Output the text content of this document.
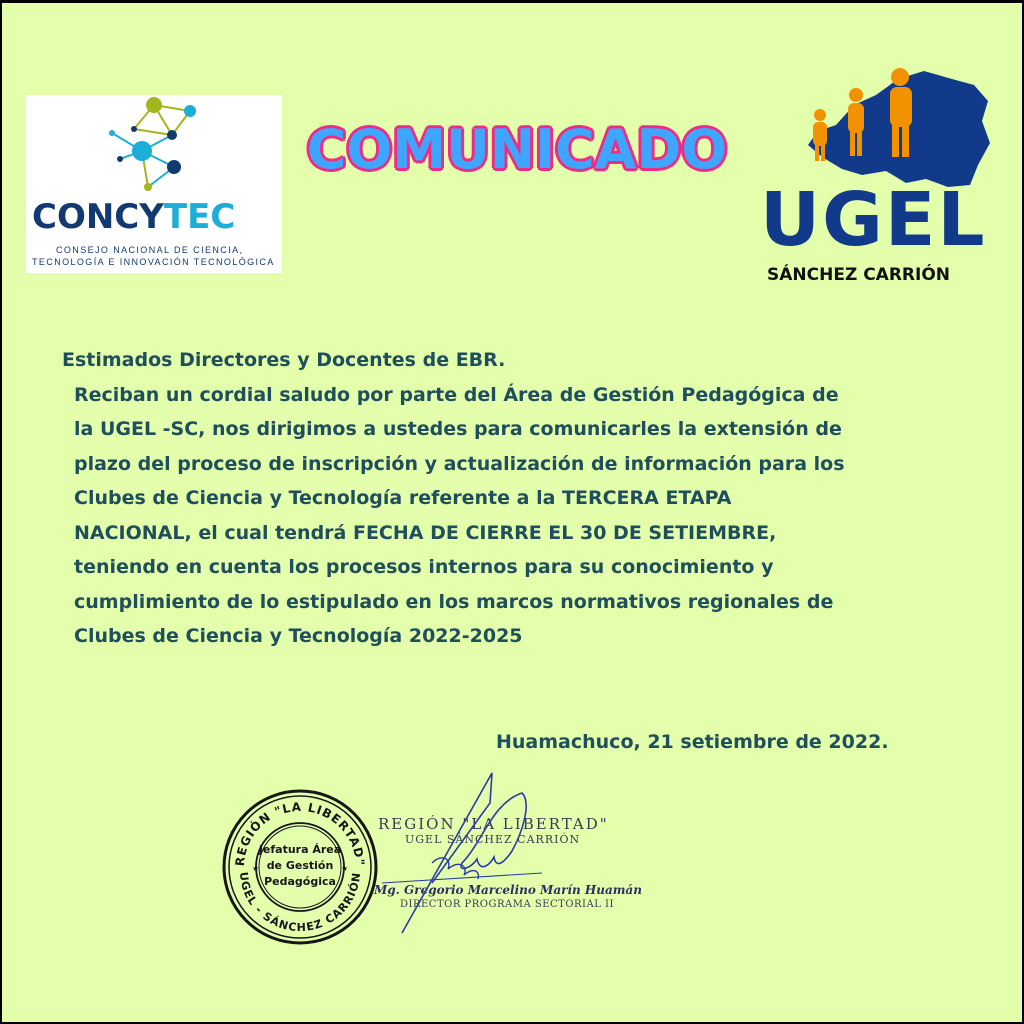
CONCYTEC
CONSEJO NACIONAL DE CIENCIA,
TECNOLOGÍA E INNOVACIÓN TECNOLÓGICA
COMUNICADO
UGEL
SÁNCHEZ CARRIÓN
Estimados Directores y Docentes de EBR.
Reciban un cordial saludo por parte del Área de Gestión Pedagógica de
la UGEL -SC, nos dirigimos a ustedes para comunicarles la extensión de
plazo del proceso de inscripción y actualización de información para los
Clubes de Ciencia y Tecnología referente a la TERCERA ETAPA
NACIONAL, el cual tendrá FECHA DE CIERRE EL 30 DE SETIEMBRE,
teniendo en cuenta los procesos internos para su conocimiento y
cumplimiento de lo estipulado en los marcos normativos regionales de
Clubes de Ciencia y Tecnología 2022-2025
Huamachuco, 21 setiembre de 2022.
REGIÓN "LA LIBERTAD"
UGEL - SÁNCHEZ CARRIÓN
Jefatura Área
de Gestión
Pedagógica
★	★
REGIÓN "LA LIBERTAD"
UGEL SÁNCHEZ CARRIÓN
Mg. Gregorio Marcelino Marín Huamán
DIRECTOR PROGRAMA SECTORIAL II
